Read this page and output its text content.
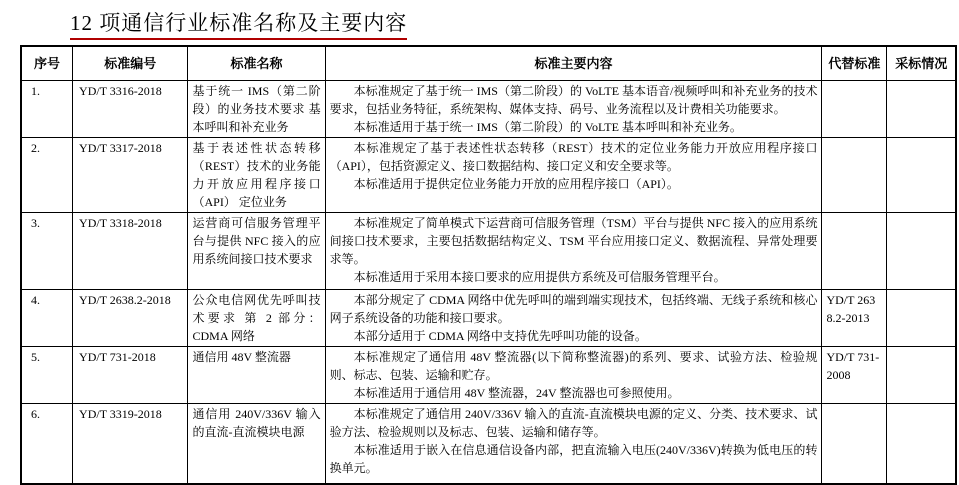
12 项通信行业标准名称及主要内容
序号	标准编号	标准名称	标准主要内容	代替标准	采标情况
1.	YD/T 3316-2018	基于统一 IMS（第二阶段）的业务技术要求 基本呼叫和补充业务	本标准规定了基于统一 IMS（第二阶段）的 VoLTE 基本语音/视频呼叫和补充业务的技术要求，包括业务特征，系统架构、媒体支持、码号、业务流程以及计费相关功能要求。

本标准适用于基于统一 IMS（第二阶段）的 VoLTE 基本呼叫和补充业务。		

2.	YD/T 3317-2018	基于表述性状态转移（REST）技术的业务能力开放应用程序接口（API） 定位业务	本标准规定了基于表述性状态转移（REST）技术的定位业务能力开放应用程序接口（API），包括资源定义、接口数据结构、接口定义和安全要求等。

本标准适用于提供定位业务能力开放的应用程序接口（API）。		

3.	YD/T 3318-2018	运营商可信服务管理平台与提供 NFC 接入的应用系统间接口技术要求	本标准规定了简单模式下运营商可信服务管理（TSM）平台与提供 NFC 接入的应用系统间接口技术要求，主要包括数据结构定义、TSM 平台应用接口定义、数据流程、异常处理要求等。

本标准适用于采用本接口要求的应用提供方系统及可信服务管理平台。		

4.	YD/T 2638.2-2018	公众电信网优先呼叫技术要求 第 2 部分：CDMA 网络	本部分规定了 CDMA 网络中优先呼叫的端到端实现技术，包括终端、无线子系统和核心网子系统设备的功能和接口要求。

本部分适用于 CDMA 网络中支持优先呼叫功能的设备。	YD/T 2638.2-2013	
5.	YD/T 731-2018	通信用 48V 整流器	本标准规定了通信用 48V 整流器(以下简称整流器)的系列、要求、试验方法、检验规则、标志、包装、运输和贮存。

本标准适用于通信用 48V 整流器，24V 整流器也可参照使用。	YD/T 731-2008	
6.	YD/T 3319-2018	通信用 240V/336V 输入的直流-直流模块电源	本标准规定了通信用 240V/336V 输入的直流-直流模块电源的定义、分类、技术要求、试验方法、检验规则以及标志、包装、运输和储存等。

本标准适用于嵌入在信息通信设备内部，把直流输入电压(240V/336V)转换为低电压的转换单元。		
